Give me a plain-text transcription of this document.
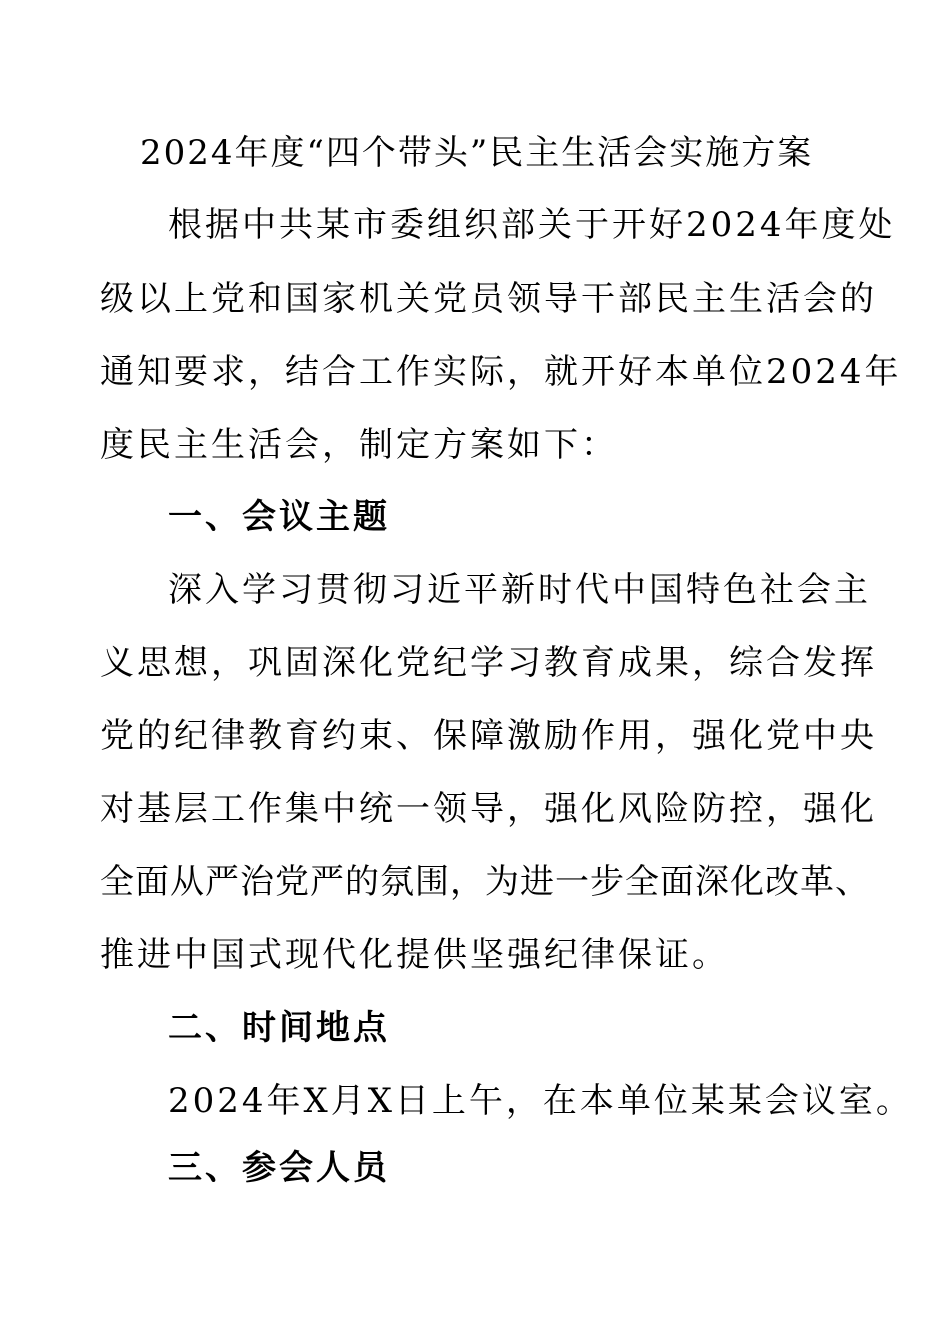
2024年度“四个带头”民主生活会实施方案
根据中共某市委组织部关于开好2024年度处
级以上党和国家机关党员领导干部民主生活会的
通知要求，结合工作实际，就开好本单位2024年
度民主生活会，制定方案如下：
一、会议主题
深入学习贯彻习近平新时代中国特色社会主
义思想，巩固深化党纪学习教育成果，综合发挥
党的纪律教育约束、保障激励作用，强化党中央
对基层工作集中统一领导，强化风险防控，强化
全面从严治党严的氛围，为进一步全面深化改革、
推进中国式现代化提供坚强纪律保证。
二、时间地点
2024年X月X日上午，在本单位某某会议室。
三、参会人员
